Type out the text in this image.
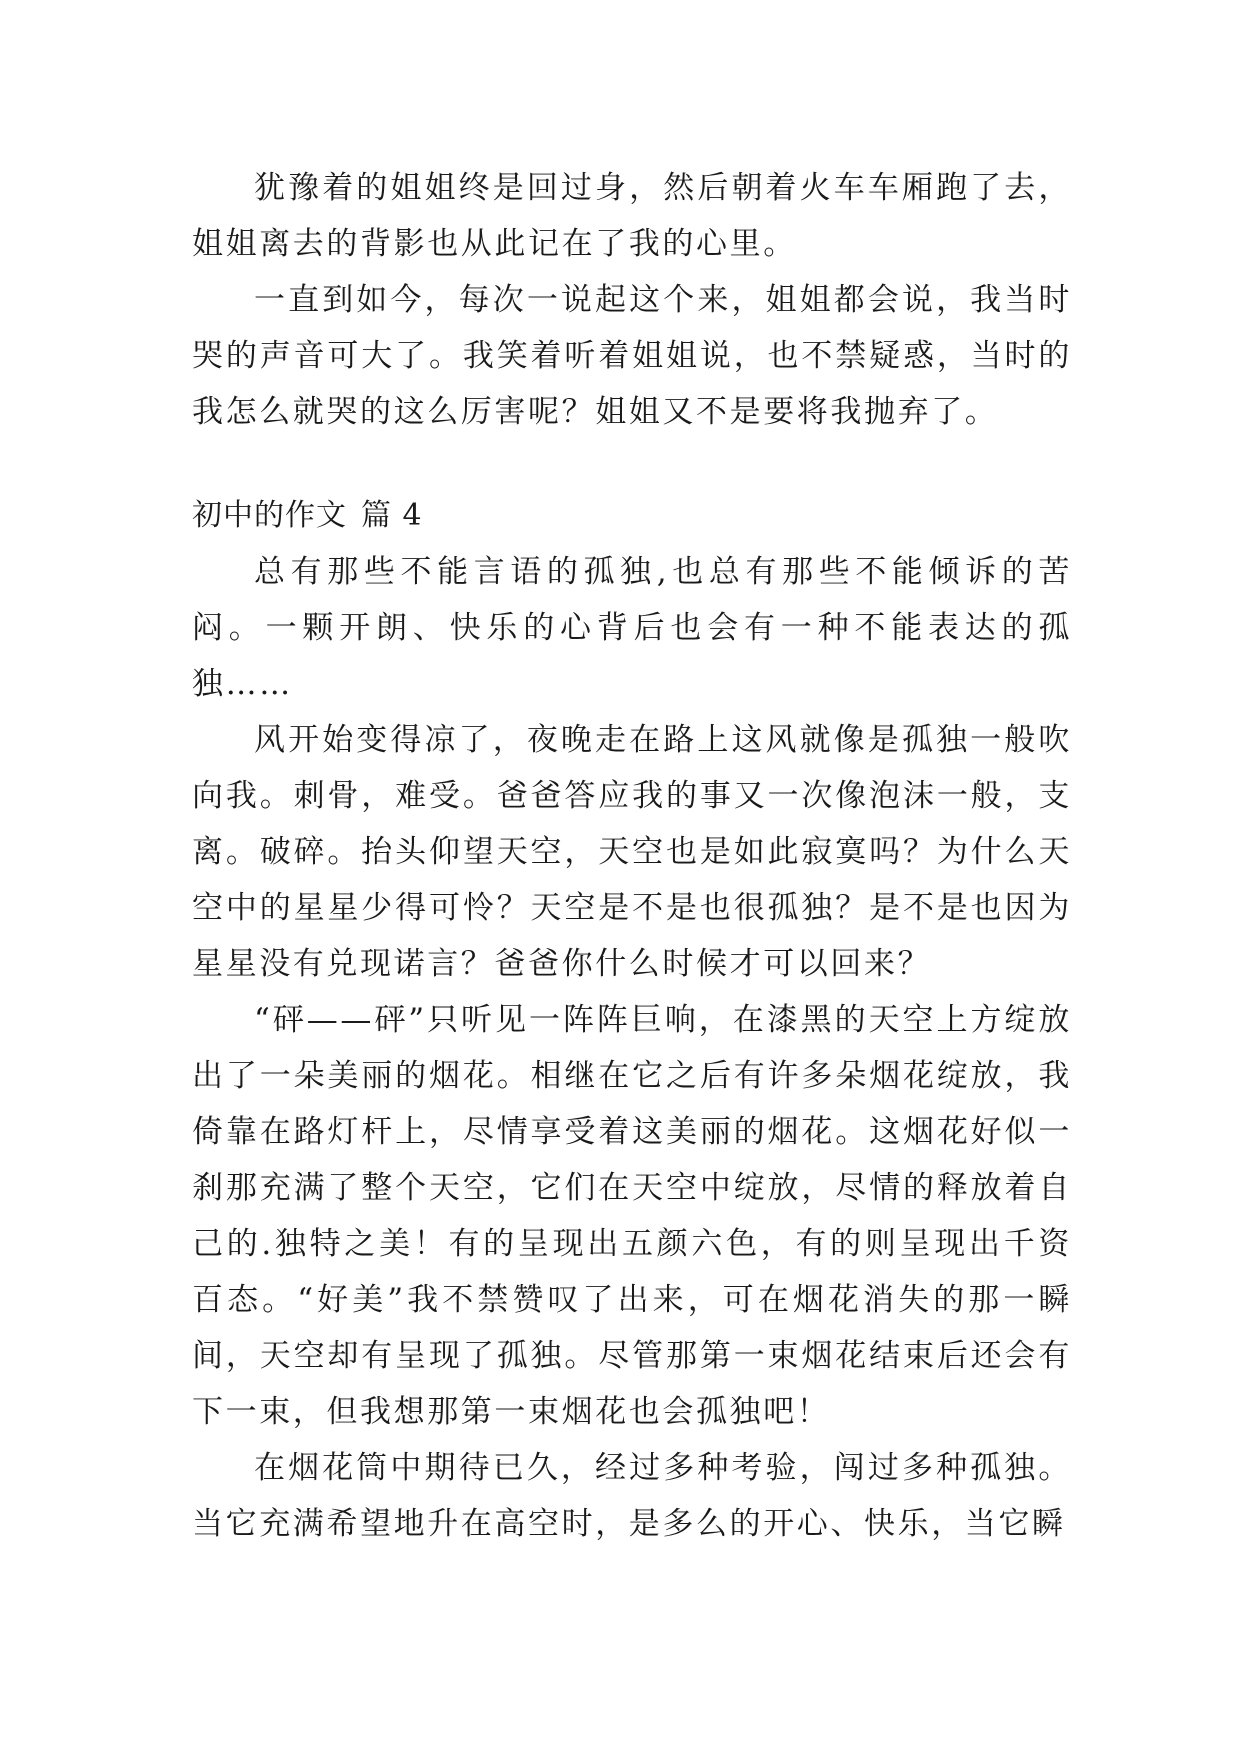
犹豫着的姐姐终是回过身，然后朝着火车车厢跑了去，姐姐离去的背影也从此记在了我的心里。

一直到如今，每次一说起这个来，姐姐都会说，我当时哭的声音可大了。我笑着听着姐姐说，也不禁疑惑，当时的我怎么就哭的这么厉害呢？姐姐又不是要将我抛弃了。

初中的作文 篇 4

总有那些不能言语的孤独,也总有那些不能倾诉的苦闷。一颗开朗、快乐的心背后也会有一种不能表达的孤独……

风开始变得凉了，夜晚走在路上这风就像是孤独一般吹向我。刺骨，难受。爸爸答应我的事又一次像泡沫一般，支离。破碎。抬头仰望天空，天空也是如此寂寞吗？为什么天空中的星星少得可怜？天空是不是也很孤独？是不是也因为星星没有兑现诺言？爸爸你什么时候才可以回来？

“砰——砰”只听见一阵阵巨响，在漆黑的天空上方绽放出了一朵美丽的烟花。相继在它之后有许多朵烟花绽放，我倚靠在路灯杆上，尽情享受着这美丽的烟花。这烟花好似一刹那充满了整个天空，它们在天空中绽放，尽情的释放着自己的.独特之美！有的呈现出五颜六色，有的则呈现出千资百态。“好美”我不禁赞叹了出来，可在烟花消失的那一瞬间，天空却有呈现了孤独。尽管那第一束烟花结束后还会有下一束，但我想那第一束烟花也会孤独吧！

在烟花筒中期待已久，经过多种考验，闯过多种孤独。当它充满希望地升在高空时，是多么的开心、快乐，当它瞬
